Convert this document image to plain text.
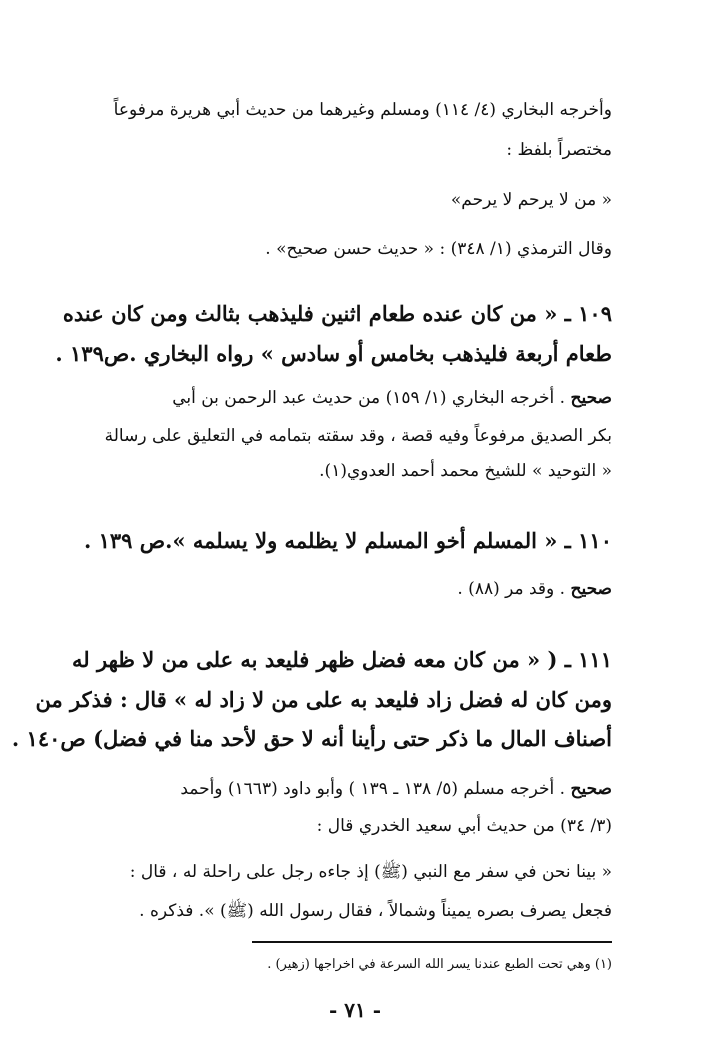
وأخرجه البخاري (٤/ ١١٤) ومسلم وغيرهما من حديث أبي هريرة مرفوعاً
مختصراً بلفظ :
« من لا يرحم لا يرحم»
وقال الترمذي (١/ ٣٤٨) : « حديث حسن صحيح» .
١٠٩ ـ « من كان عنده طعام اثنين فليذهب بثالث ومن كان عنده
طعام أربعة فليذهب بخامس أو سادس » رواه البخاري .ص١٣٩ .
صحيح . أخرجه البخاري (١/ ١٥٩) من حديث عبد الرحمن بن أبي
بكر الصديق مرفوعاً وفيه قصة ، وقد سقته بتمامه في التعليق على رسالة
« التوحيد » للشيخ محمد أحمد العدوي(١).
١١٠ ـ « المسلم أخو المسلم لا يظلمه ولا يسلمه ».ص ١٣٩ .
صحيح . وقد مر (٨٨) .
١١١ ـ ( « من كان معه فضل ظهر فليعد به على من لا ظهر له
ومن كان له فضل زاد فليعد به على من لا زاد له » قال : فذكر من
أصناف المال ما ذكر حتى رأينا أنه لا حق لأحد منا في فضل) ص١٤٠ .
صحيح . أخرجه مسلم (٥/ ١٣٨ ـ ١٣٩ ) وأبو داود (١٦٦٣) وأحمد
(٣/ ٣٤) من حديث أبي سعيد الخدري قال :
« بينا نحن في سفر مع النبي (ﷺ) إذ جاءه رجل على راحلة له ، قال :
فجعل يصرف بصره يميناً وشمالاً ، فقال رسول الله (ﷺ) ». فذكره .
(١) وهي تحت الطبع عندنا يسر الله السرعة في اخراجها (زهير) .
- ٧١ -
